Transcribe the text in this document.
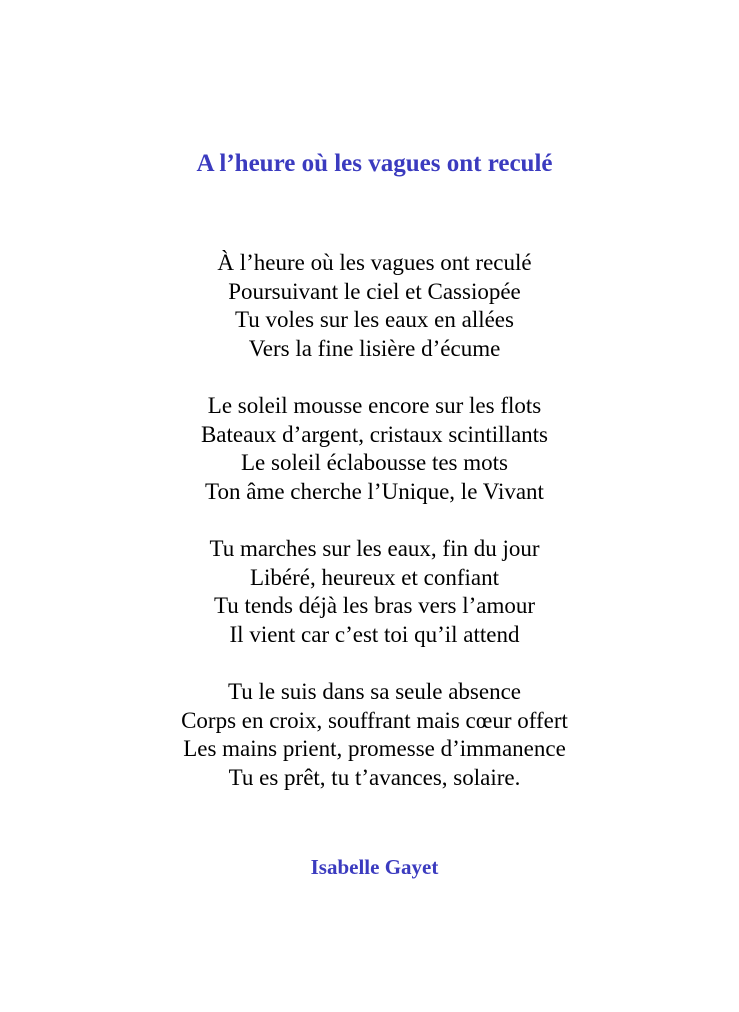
A l’heure où les vagues ont reculé
À l’heure où les vagues ont reculé
Poursuivant le ciel et Cassiopée
Tu voles sur les eaux en allées
Vers la fine lisière d’écume
Le soleil mousse encore sur les flots
Bateaux d’argent, cristaux scintillants
Le soleil éclabousse tes mots
Ton âme cherche l’Unique, le Vivant
Tu marches sur les eaux, fin du jour
Libéré, heureux et confiant
Tu tends déjà les bras vers l’amour
Il vient car c’est toi qu’il attend
Tu le suis dans sa seule absence
Corps en croix, souffrant mais cœur offert
Les mains prient, promesse d’immanence
Tu es prêt, tu t’avances, solaire.
Isabelle Gayet
